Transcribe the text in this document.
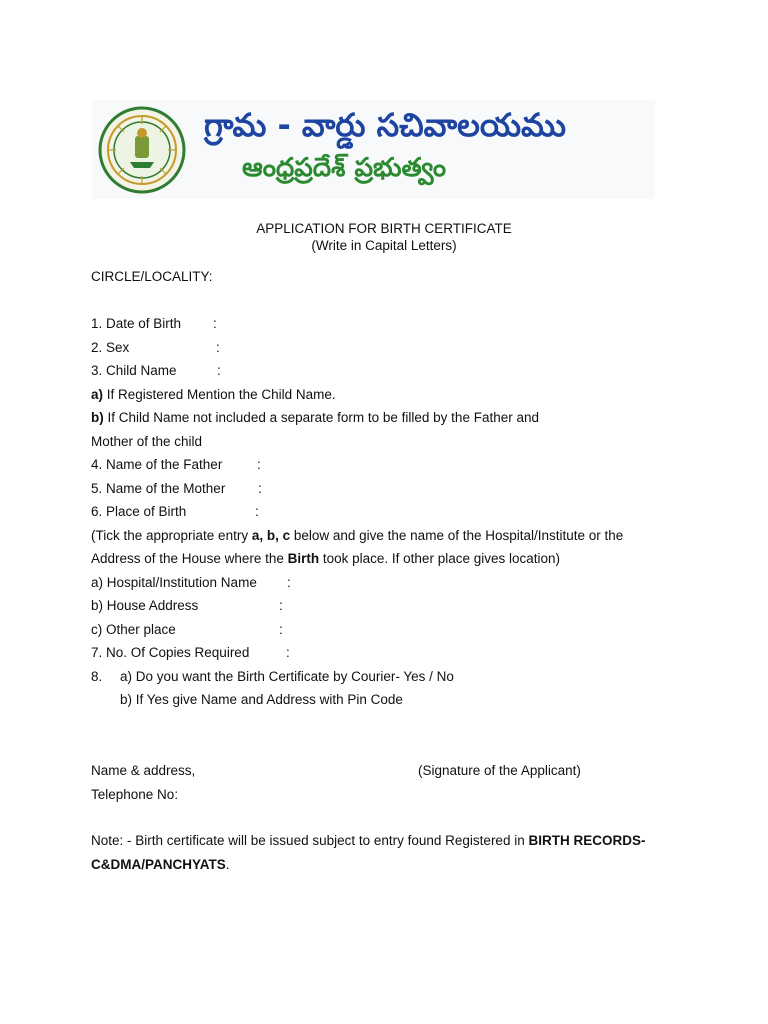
గ్రామ - వార్డు సచివాలయము
ఆంధ్రప్రదేశ్ ప్రభుత్వం
APPLICATION FOR BIRTH CERTIFICATE
(Write in Capital Letters)
CIRCLE/LOCALITY:
1. Date of Birth :
2. Sex	:
3. Child Name	:
a) If Registered Mention the Child Name.
b) If Child Name not included a separate form to be filled by the Father and
Mother of the child
4. Name of the Father	:
5. Name of the Mother :
6. Place of Birth	:
(Tick the appropriate entry a, b, c below and give the name of the Hospital/Institute or the
Address of the House where the Birth took place. If other place gives location)
a) Hospital/Institution Name :
b) House Address	:
c) Other place	:
7. No. Of Copies Required	:
8. a) Do you want the Birth Certificate by Courier- Yes / No
b) If Yes give Name and Address with Pin Code
Name & address,	(Signature of the Applicant)
Telephone No:
Note: - Birth certificate will be issued subject to entry found Registered in BIRTH RECORDS-
C&DMA/PANCHYATS.
